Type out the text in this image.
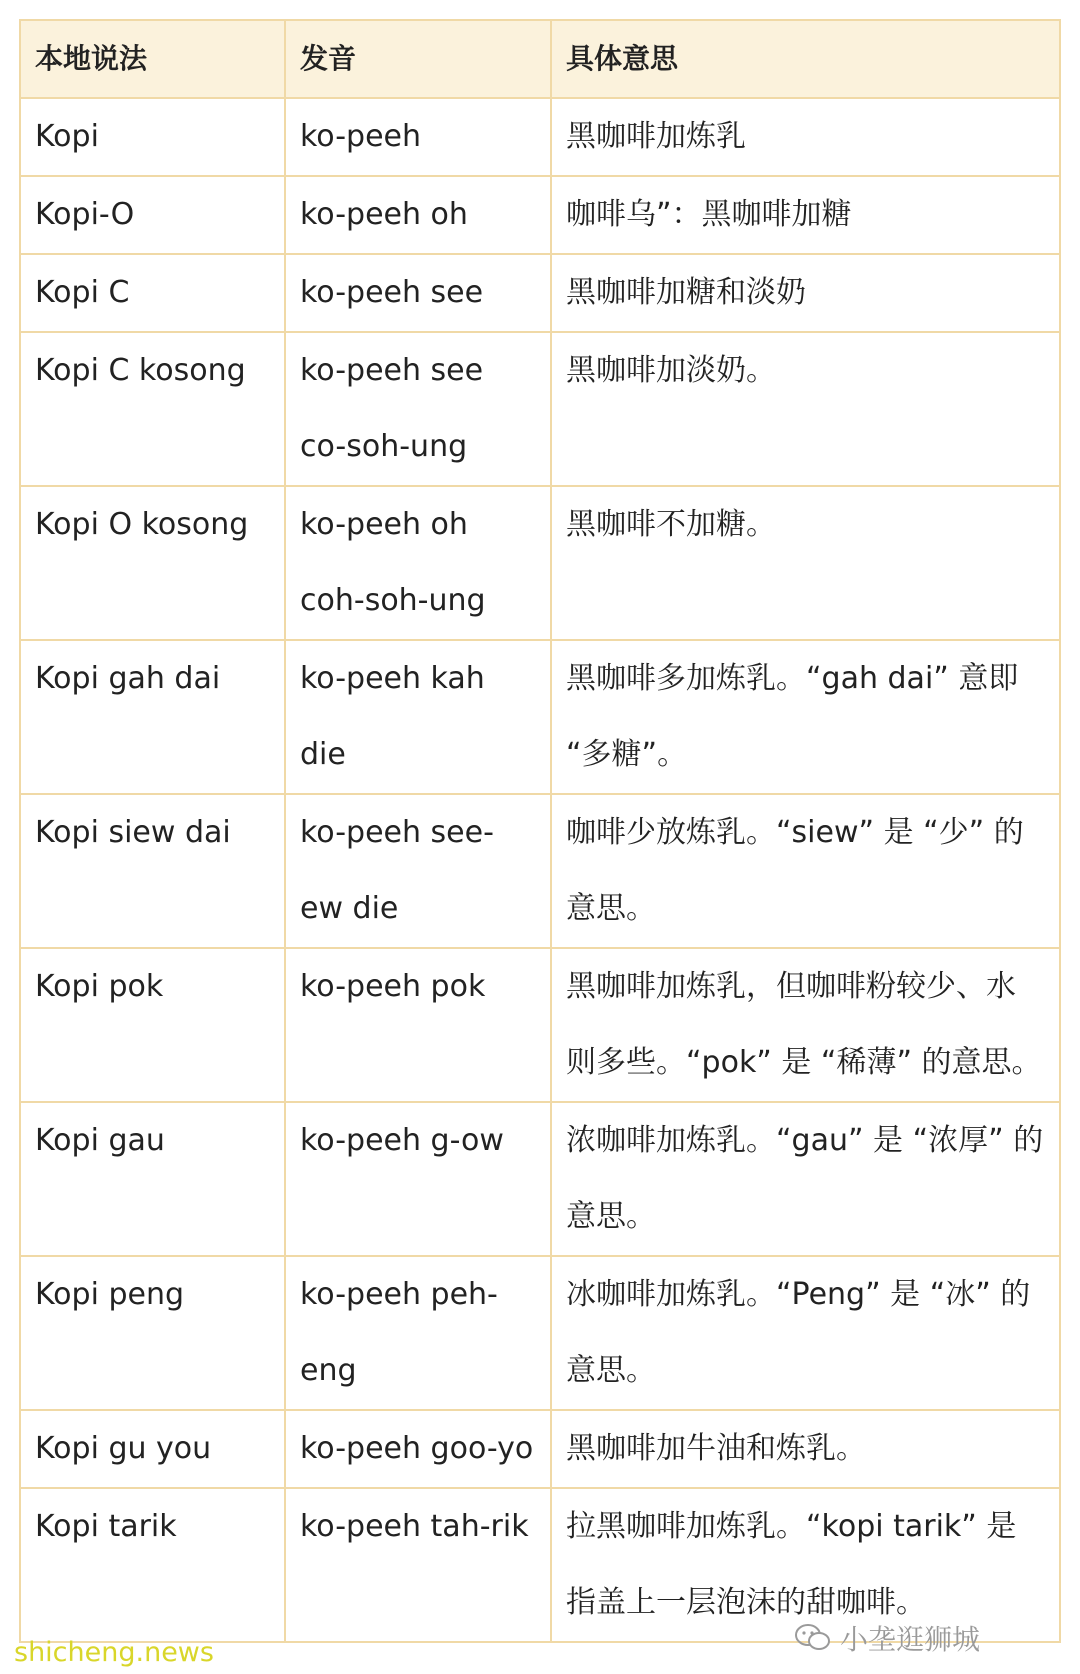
本地说法	发音	具体意思
Kopi	ko-peeh	黑咖啡加炼乳
Kopi-O	ko-peeh oh	咖啡乌”：黑咖啡加糖
Kopi C	ko-peeh see	黑咖啡加糖和淡奶
Kopi C kosong	ko-peeh see co-soh-ung	黑咖啡加淡奶。
Kopi O kosong	ko-peeh oh coh-soh-ung	黑咖啡不加糖。
Kopi gah dai	ko-peeh kah die	黑咖啡多加炼乳。“gah dai” 意即 “多糖”。
Kopi siew dai	ko-peeh see-ew die	咖啡少放炼乳。“siew” 是 “少” 的意思。
Kopi pok	ko-peeh pok	黑咖啡加炼乳，但咖啡粉较少、水则多些。“pok” 是 “稀薄” 的意思。
Kopi gau	ko-peeh g-ow	浓咖啡加炼乳。“gau” 是 “浓厚” 的意思。
Kopi peng	ko-peeh peh-eng	冰咖啡加炼乳。“Peng” 是 “冰” 的意思。
Kopi gu you	ko-peeh goo-yo	黑咖啡加牛油和炼乳。
Kopi tarik	ko-peeh tah-rik	拉黑咖啡加炼乳。“kopi tarik” 是指盖上一层泡沫的甜咖啡。
小垄逛狮城
shicheng.news
